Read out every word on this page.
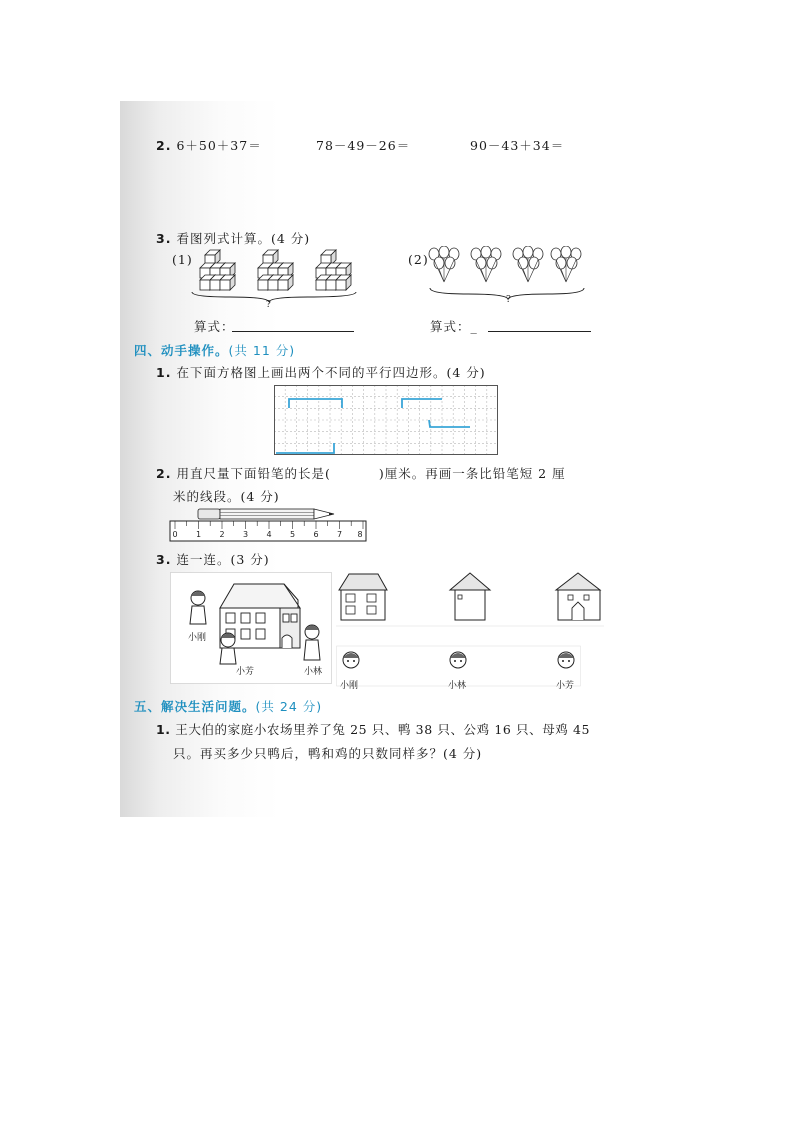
2. 6＋50＋37＝	78－49－26＝	90－43＋34＝
3. 看图列式计算。(4 分)
(1)	(2)
?	?
算式：	算式：_
四、动手操作。(共 11 分)
1. 在下面方格图上画出两个不同的平行四边形。(4 分)
2. 用直尺量下面铅笔的长是(	)厘米。再画一条比铅笔短 2 厘
米的线段。(4 分)
0 1 2 3 4 5 6 7 8
3. 连一连。(3 分)
小刚
小芳	小林
小刚	小林	小芳
五、解决生活问题。(共 24 分)
1. 王大伯的家庭小农场里养了兔 25 只、鸭 38 只、公鸡 16 只、母鸡 45
只。再买多少只鸭后，鸭和鸡的只数同样多？(4 分)
